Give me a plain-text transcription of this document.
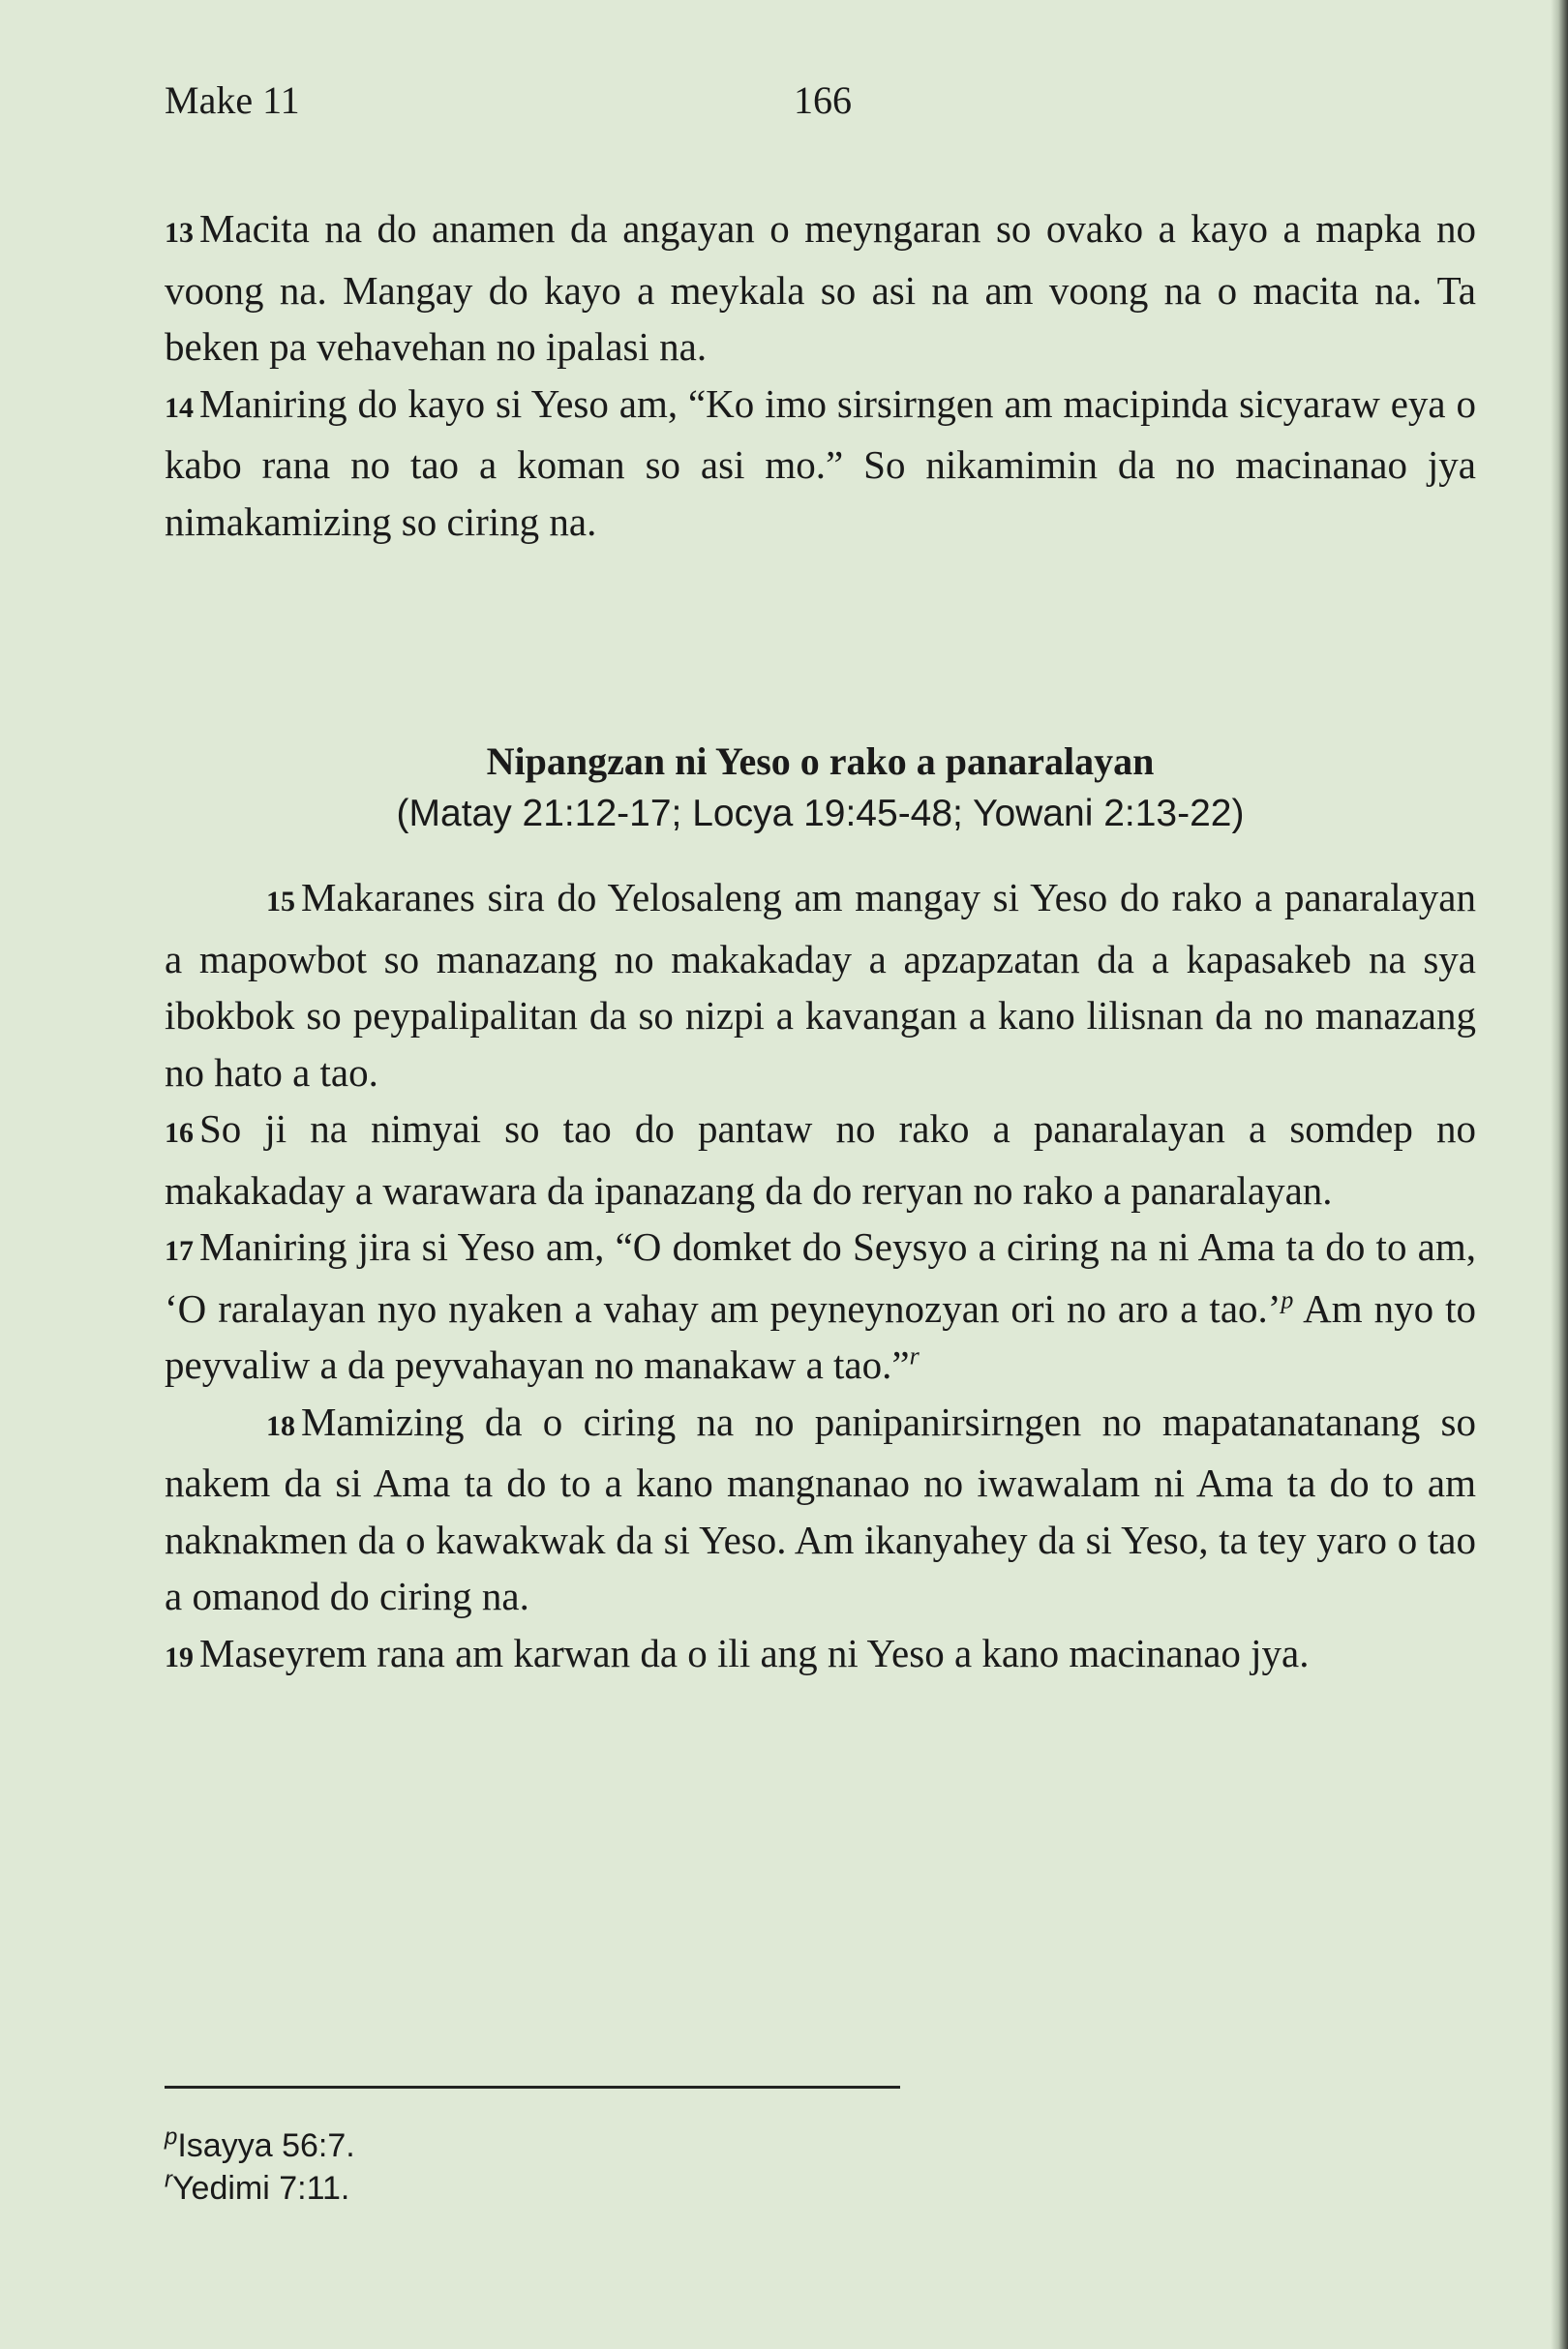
Make 11	166
13 Macita na do anamen da angayan o meyngaran so ovako a kayo a mapka no voong na. Mangay do kayo a meykala so asi na am voong na o macita na. Ta beken pa vehavehan no ipalasi na.
14 Maniring do kayo si Yeso am, “Ko imo sirsirngen am macipinda sicyaraw eya o kabo rana no tao a koman so asi mo.” So nikamimin da no macinanao jya nimakamizing so ciring na.
Nipangzan ni Yeso o rako a panaralayan
(Matay 21:12-17; Locya 19:45-48; Yowani 2:13-22)
15 Makaranes sira do Yelosaleng am mangay si Yeso do rako a panaralayan a mapowbot so manazang no makakaday a apzapzatan da a kapasakeb na sya ibokbok so peypalipalitan da so nizpi a kavangan a kano lilisnan da no manazang no hato a tao.
16 So ji na nimyai so tao do pantaw no rako a panaralayan a somdep no makakaday a warawara da ipanazang da do reryan no rako a panaralayan.
17 Maniring jira si Yeso am, “O domket do Seysyo a ciring na ni Ama ta do to am, ‘O raralayan nyo nyaken a vahay am peyneynozyan ori no aro a tao.’$^p$ Am nyo to peyvaliw a da peyvahayan no manakaw a tao.”$^r$
18 Mamizing da o ciring na no panipanirsirngen no mapatanatanang so nakem da si Ama ta do to a kano mangnanao no iwawalam ni Ama ta do to am naknakmen da o kawakwak da si Yeso. Am ikanyahey da si Yeso, ta tey yaro o tao a omanod do ciring na.
19 Maseyrem rana am karwan da o ili ang ni Yeso a kano macinanao jya.
$^p$Isayya 56:7.
$^r$Yedimi 7:11.
